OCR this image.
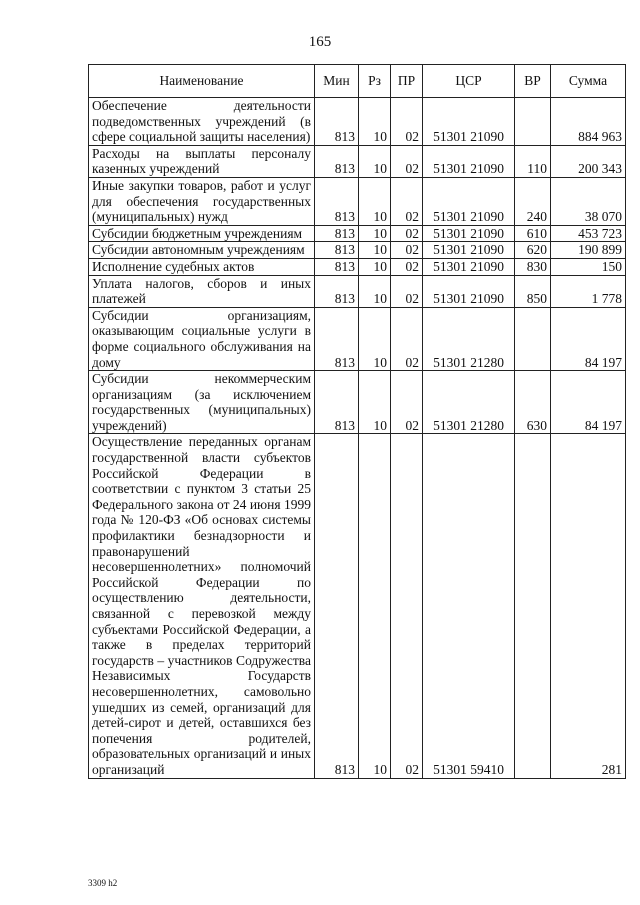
165
Наименование	Мин	Рз	ПР	ЦСР	ВР	Сумма
Обеспечение деятельности подведомственных учреждений (в сфере социальной защиты населения)	813	10	02	51301 21090		884 963
Расходы на выплаты персоналу казенных учреждений	813	10	02	51301 21090	110	200 343
Иные закупки товаров, работ и услуг для обеспечения государственных (муниципальных) нужд	813	10	02	51301 21090	240	38 070
Субсидии бюджетным учреждениям	813	10	02	51301 21090	610	453 723
Субсидии автономным учреждениям	813	10	02	51301 21090	620	190 899
Исполнение судебных актов	813	10	02	51301 21090	830	150
Уплата налогов, сборов и иных платежей	813	10	02	51301 21090	850	1 778
Субсидии организациям, оказывающим социальные услуги в форме социального обслуживания на дому	813	10	02	51301 21280		84 197
Субсидии некоммерческим организациям (за исключением государственных (муниципальных) учреждений)	813	10	02	51301 21280	630	84 197
Осуществление переданных органам государственной власти субъектов Российской Федерации в соответствии с пунктом 3 статьи 25 Федерального закона от 24 июня 1999 года № 120-ФЗ «Об основах системы профилактики безнадзорности и правонарушений несовершеннолетних» полномочий Российской Федерации по осуществлению деятельности, связанной с перевозкой между субъектами Российской Федерации, а также в пределах территорий государств – участников Содружества Независимых Государств несовершеннолетних, самовольно ушедших из семей, организаций для детей-сирот и детей, оставшихся без попечения родителей, образовательных организаций и иных организаций	813	10	02	51301 59410		281
3309 h2
